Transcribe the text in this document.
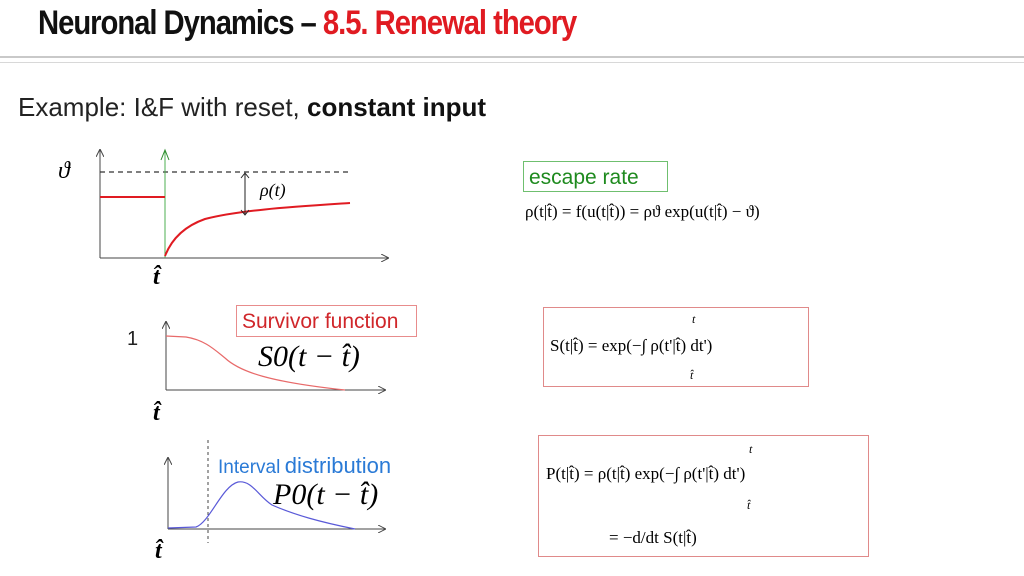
Neuronal Dynamics – 8.5. Renewal theory
Example: I&F with reset, constant input
ϑ
ρ(t)
t̂
escape rate
ρ(t|t̂) = f(u(t|t̂)) = ρϑ exp(u(t|t̂) − ϑ)
1
Survivor function
S0(t − t̂)
t̂
t
S(t|t̂) = exp(−∫ ρ(t'|t̂) dt')
t̂
Interval distribution
P0(t − t̂)
t̂
t
P(t|t̂) = ρ(t|t̂) exp(−∫ ρ(t'|t̂) dt')
t̂
= −d/dt S(t|t̂)
